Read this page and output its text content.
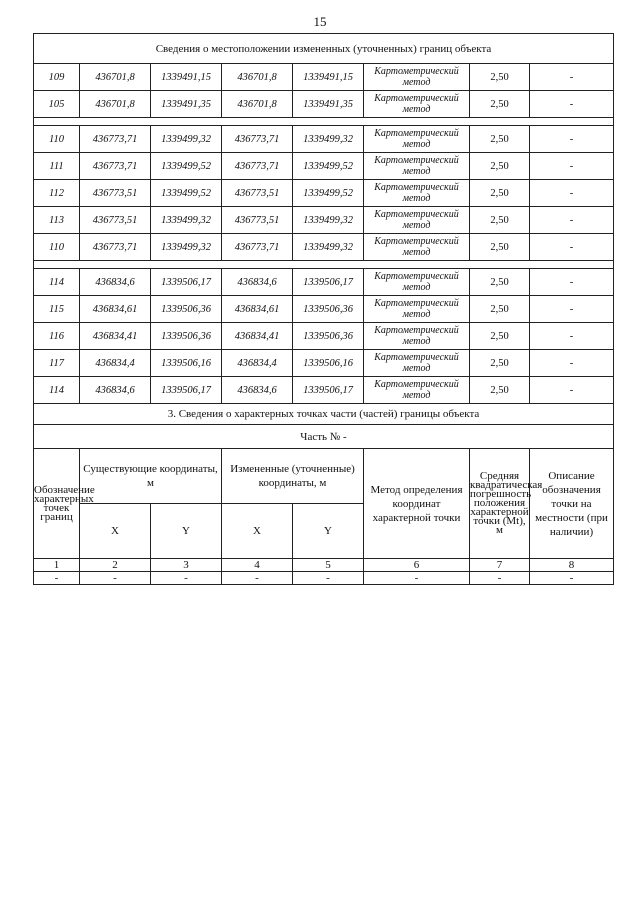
15
Сведения о местоположении измененных (уточненных) границ объекта							
109	436701,8	1339491,15	436701,8	1339491,15	Картометрический метод	2,50	-
105	436701,8	1339491,35	436701,8	1339491,35	Картометрический метод	2,50	-

110	436773,71	1339499,32	436773,71	1339499,32	Картометрический метод	2,50	-
111	436773,71	1339499,52	436773,71	1339499,52	Картометрический метод	2,50	-
112	436773,51	1339499,52	436773,51	1339499,52	Картометрический метод	2,50	-
113	436773,51	1339499,32	436773,51	1339499,32	Картометрический метод	2,50	-
110	436773,71	1339499,32	436773,71	1339499,32	Картометрический метод	2,50	-

114	436834,6	1339506,17	436834,6	1339506,17	Картометрический метод	2,50	-
115	436834,61	1339506,36	436834,61	1339506,36	Картометрический метод	2,50	-
116	436834,41	1339506,36	436834,41	1339506,36	Картометрический метод	2,50	-
117	436834,4	1339506,16	436834,4	1339506,16	Картометрический метод	2,50	-
114	436834,6	1339506,17	436834,6	1339506,17	Картометрический метод	2,50	-
3. Сведения о характерных точках части (частей) границы объекта							
Часть № -							
Обозначение характерных точек границ	Существующие координаты, м		Измененные (уточненные) координаты, м		Метод определения координат характерной точки	Средняя квадратическая погрешность положения характерной точки (Mt), м	Описание обозначения точки на местности (при наличии)
	X	Y	X	Y			
1	2	3	4	5	6	7	8
-	-	-	-	-	-	-	-
